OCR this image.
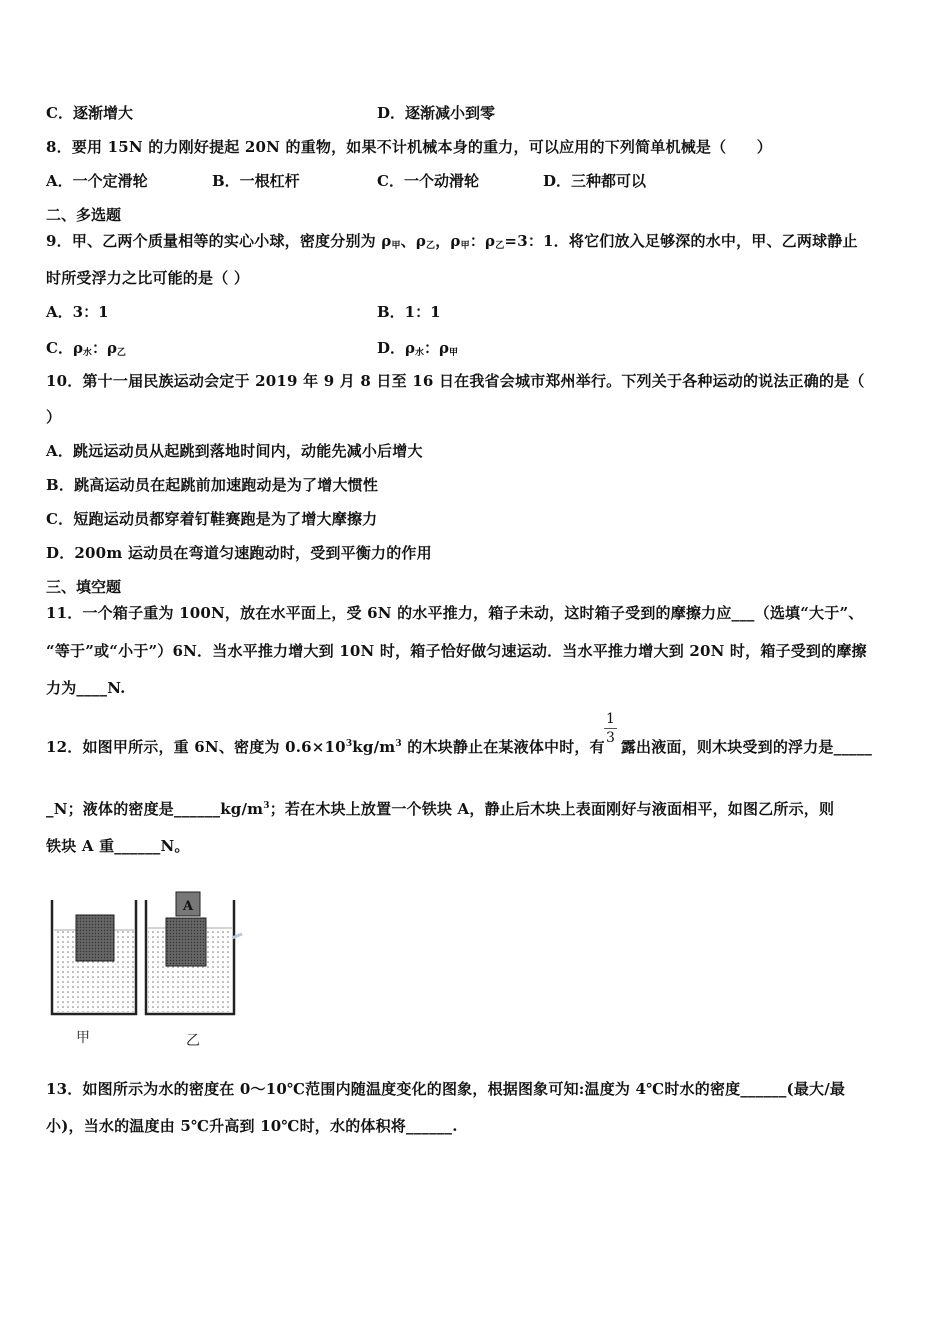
C．逐渐增大	D．逐渐减小到零
8．要用 15N 的力刚好提起 20N 的重物，如果不计机械本身的重力，可以应用的下列简单机械是（　　）
A．一个定滑轮	B．一根杠杆	C．一个动滑轮	D．三种都可以
二、多选题
9．甲、乙两个质量相等的实心小球，密度分别为 $\rho_甲$、$\rho_乙$，$\rho_甲$：$\rho_乙=3$：1．将它们放入足够深的水中，甲、乙两球静止
时所受浮力之比可能的是（ ）
A．3：1	B．1：1
C．$\rho_水$：$\rho_乙$	D．$\rho_水$：$\rho_甲$
10．第十一届民族运动会定于 2019 年 9 月 8 日至 16 日在我省会城市郑州举行。下列关于各种运动的说法正确的是（
）
A．跳远运动员从起跳到落地时间内，动能先减小后增大
B．跳高运动员在起跳前加速跑动是为了增大惯性
C．短跑运动员都穿着钉鞋赛跑是为了增大摩擦力
D．200m 运动员在弯道匀速跑动时，受到平衡力的作用
三、填空题
11．一个箱子重为 100N，放在水平面上，受 6N 的水平推力，箱子未动，这时箱子受到的摩擦力应___（选填“大于”、
“等于”或“小于”）6N．当水平推力增大到 10N 时，箱子恰好做匀速运动．当水平推力增大到 20N 时，箱子受到的摩擦
力为____N.
12．如图甲所示，重 6N、密度为 $0.6\times 10^3kg/m^3$ 的木块静止在某液体中时，有 露出液面，则木块受到的浮力是_____
$\frac{1}{3}$
_N；液体的密度是$\_\_\_\_\_\_kg/m^3$；若在木块上放置一个铁块 A，静止后木块上表面刚好与液面相平，如图乙所示，则
铁块 A 重______N。
A
甲	乙
13．如图所示为水的密度在 0～10℃范围内随温度变化的图象，根据图象可知:温度为 4℃时水的密度______(最大/最
小)，当水的温度由 5℃升高到 10℃时，水的体积将______.
